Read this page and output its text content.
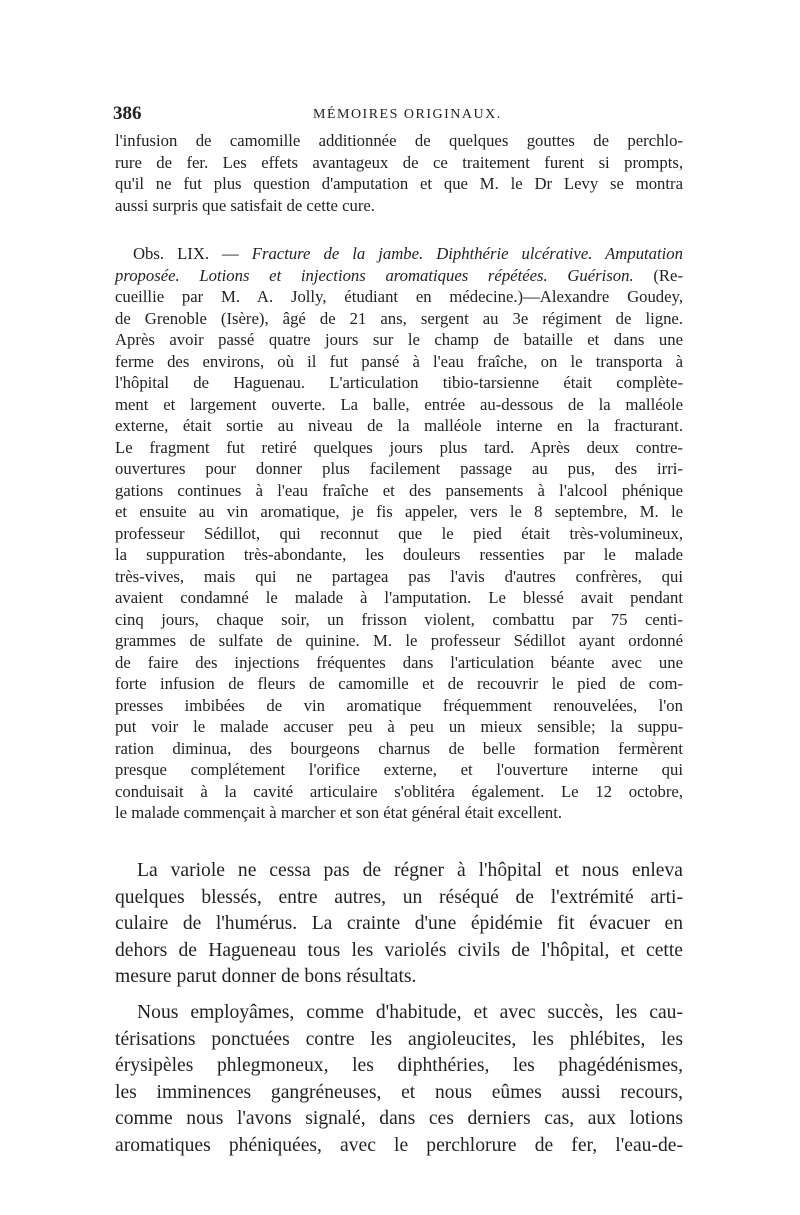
386	MÉMOIRES ORIGINAUX.
l'infusion de camomille additionnée de quelques gouttes de perchlo-
rure de fer. Les effets avantageux de ce traitement furent si prompts,
qu'il ne fut plus question d'amputation et que M. le Dr Levy se montra
aussi surpris que satisfait de cette cure.
Obs. LIX. — Fracture de la jambe. Diphthérie ulcérative. Amputation
proposée. Lotions et injections aromatiques répétées. Guérison. (Re-
cueillie par M. A. Jolly, étudiant en médecine.)—Alexandre Goudey,
de Grenoble (Isère), âgé de 21 ans, sergent au 3e régiment de ligne.
Après avoir passé quatre jours sur le champ de bataille et dans une
ferme des environs, où il fut pansé à l'eau fraîche, on le transporta à
l'hôpital de Haguenau. L'articulation tibio-tarsienne était complète-
ment et largement ouverte. La balle, entrée au-dessous de la malléole
externe, était sortie au niveau de la malléole interne en la fracturant.
Le fragment fut retiré quelques jours plus tard. Après deux contre-
ouvertures pour donner plus facilement passage au pus, des irri-
gations continues à l'eau fraîche et des pansements à l'alcool phénique
et ensuite au vin aromatique, je fis appeler, vers le 8 septembre, M. le
professeur Sédillot, qui reconnut que le pied était très-volumineux,
la suppuration très-abondante, les douleurs ressenties par le malade
très-vives, mais qui ne partagea pas l'avis d'autres confrères, qui
avaient condamné le malade à l'amputation. Le blessé avait pendant
cinq jours, chaque soir, un frisson violent, combattu par 75 centi-
grammes de sulfate de quinine. M. le professeur Sédillot ayant ordonné
de faire des injections fréquentes dans l'articulation béante avec une
forte infusion de fleurs de camomille et de recouvrir le pied de com-
presses imbibées de vin aromatique fréquemment renouvelées, l'on
put voir le malade accuser peu à peu un mieux sensible; la suppu-
ration diminua, des bourgeons charnus de belle formation fermèrent
presque complétement l'orifice externe, et l'ouverture interne qui
conduisait à la cavité articulaire s'oblitéra également. Le 12 octobre,
le malade commençait à marcher et son état général était excellent.
La variole ne cessa pas de régner à l'hôpital et nous enleva
quelques blessés, entre autres, un réséqué de l'extrémité arti-
culaire de l'humérus. La crainte d'une épidémie fit évacuer en
dehors de Hagueneau tous les variolés civils de l'hôpital, et cette
mesure parut donner de bons résultats.
Nous employâmes, comme d'habitude, et avec succès, les cau-
térisations ponctuées contre les angioleucites, les phlébites, les
érysipèles phlegmoneux, les diphthéries, les phagédénismes,
les imminences gangréneuses, et nous eûmes aussi recours,
comme nous l'avons signalé, dans ces derniers cas, aux lotions
aromatiques phéniquées, avec le perchlorure de fer, l'eau-de-
